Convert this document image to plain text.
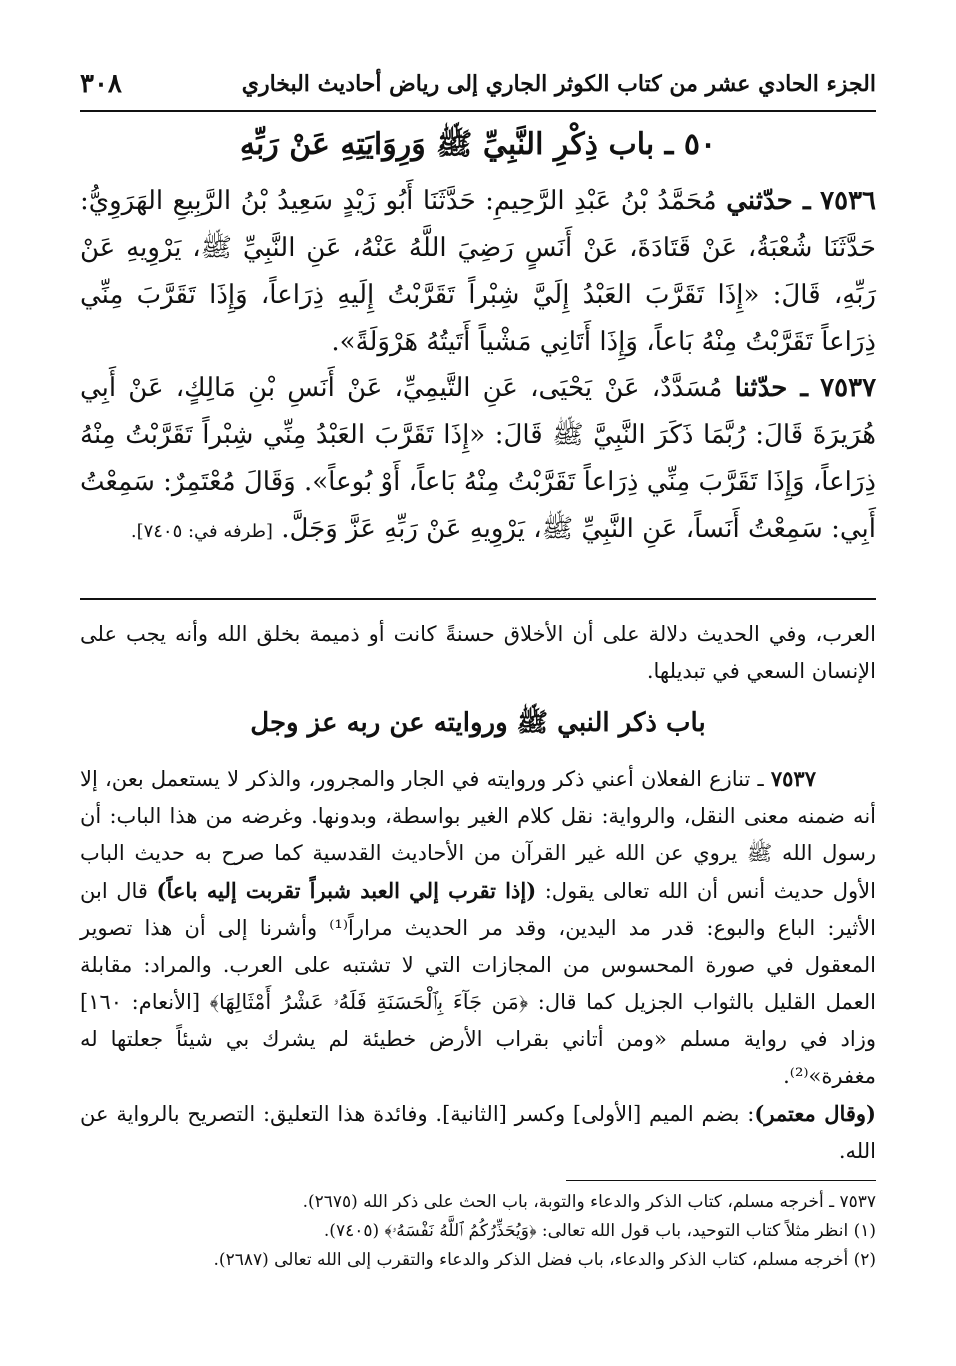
الجزء الحادي عشر من كتاب الكوثر الجاري إلى رياض أحاديث البخاري
٣٠٨
٥٠ ـ باب ذِكْرِ النَّبِيِّ ﷺ وَرِوَايَتِهِ عَنْ رَبِّهِ
٧٥٣٦ ـ حدّثني مُحَمَّدُ بْنُ عَبْدِ الرَّحِيمِ: حَدَّثَنَا أَبُو زَيْدٍ سَعِيدُ بْنُ الرَّبِيعِ الهَرَوِيُّ: حَدَّثَنَا شُعْبَةُ، عَنْ قَتَادَةَ، عَنْ أَنَسٍ رَضِيَ اللَّهُ عَنْهُ، عَنِ النَّبِيِّ ﷺ، يَرْوِيهِ عَنْ رَبِّهِ، قَالَ: «إِذَا تَقَرَّبَ العَبْدُ إِلَيَّ شِبْراً تَقَرَّبْتُ إِلَيهِ ذِرَاعاً، وَإِذَا تَقَرَّبَ مِنِّي ذِرَاعاً تَقَرَّبْتُ مِنْهُ بَاعاً، وَإِذَا أَتَانِي مَشْياً أَتَيتُهُ هَرْوَلَةً».
٧٥٣٧ ـ حدّثنا مُسَدَّدٌ، عَنْ يَحْيَى، عَنِ التَّيمِيِّ، عَنْ أَنَسِ بْنِ مَالِكٍ، عَنْ أَبِي هُرَيرَةَ قَالَ: رُبَّمَا ذَكَرَ النَّبِيَّ ﷺ قَالَ: «إِذَا تَقَرَّبَ العَبْدُ مِنِّي شِبْراً تَقَرَّبْتُ مِنْهُ ذِرَاعاً، وَإِذَا تَقَرَّبَ مِنِّي ذِرَاعاً تَقَرَّبْتُ مِنْهُ بَاعاً، أَوْ بُوعاً». وَقَالَ مُعْتَمِرٌ: سَمِعْتُ أَبِي: سَمِعْتُ أَنَساً، عَنِ النَّبِيِّ ﷺ، يَرْوِيهِ عَنْ رَبِّهِ عَزَّ وَجَلَّ. [طرفه في: ٧٤٠٥].

العرب، وفي الحديث دلالة على أن الأخلاق حسنةً كانت أو ذميمة بخلق الله وأنه يجب على الإنسان السعي في تبديلها.

باب ذكر النبي ﷺ وروايته عن ربه عز وجل

٧٥٣٧ ـ تنازع الفعلان أعني ذكر وروايته في الجار والمجرور، والذكر لا يستعمل بعن، إلا أنه ضمنه معنى النقل، والرواية: نقل كلام الغير بواسطة، وبدونها. وغرضه من هذا الباب: أن رسول الله ﷺ يروي عن الله غير القرآن من الأحاديث القدسية كما صرح به حديث الباب الأول حديث أنس أن الله تعالى يقول: (إذا تقرب إلي العبد شبراً تقربت إليه باعاً) قال ابن الأثير: الباع والبوع: قدر مد اليدين، وقد مر الحديث مراراً⁽¹⁾ وأشرنا إلى أن هذا تصوير المعقول في صورة المحسوس من المجازات التي لا تشتبه على العرب. والمراد: مقابلة العمل القليل بالثواب الجزيل كما قال: ﴿مَن جَآءَ بِٱلْحَسَنَةِ فَلَهُۥ عَشْرُ أَمْثَالِهَا﴾ [الأنعام: ١٦٠] وزاد في رواية مسلم «ومن أتاني بقراب الأرض خطيئة لم يشرك بي شيئاً جعلتها له مغفرة»⁽²⁾.

(وقال معتمر): بضم الميم [الأولى] وكسر [الثانية]. وفائدة هذا التعليق: التصريح بالرواية عن الله.

٧٥٣٧ ـ أخرجه مسلم، كتاب الذكر والدعاء والتوبة، باب الحث على ذكر الله (٢٦٧٥).
(١) انظر مثلاً كتاب التوحيد، باب قول الله تعالى: ﴿وَيُحَذِّرُكُمُ ٱللَّهُ نَفْسَهُۥ﴾ (٧٤٠٥).
(٢) أخرجه مسلم، كتاب الذكر والدعاء، باب فضل الذكر والدعاء والتقرب إلى الله تعالى (٢٦٨٧).
